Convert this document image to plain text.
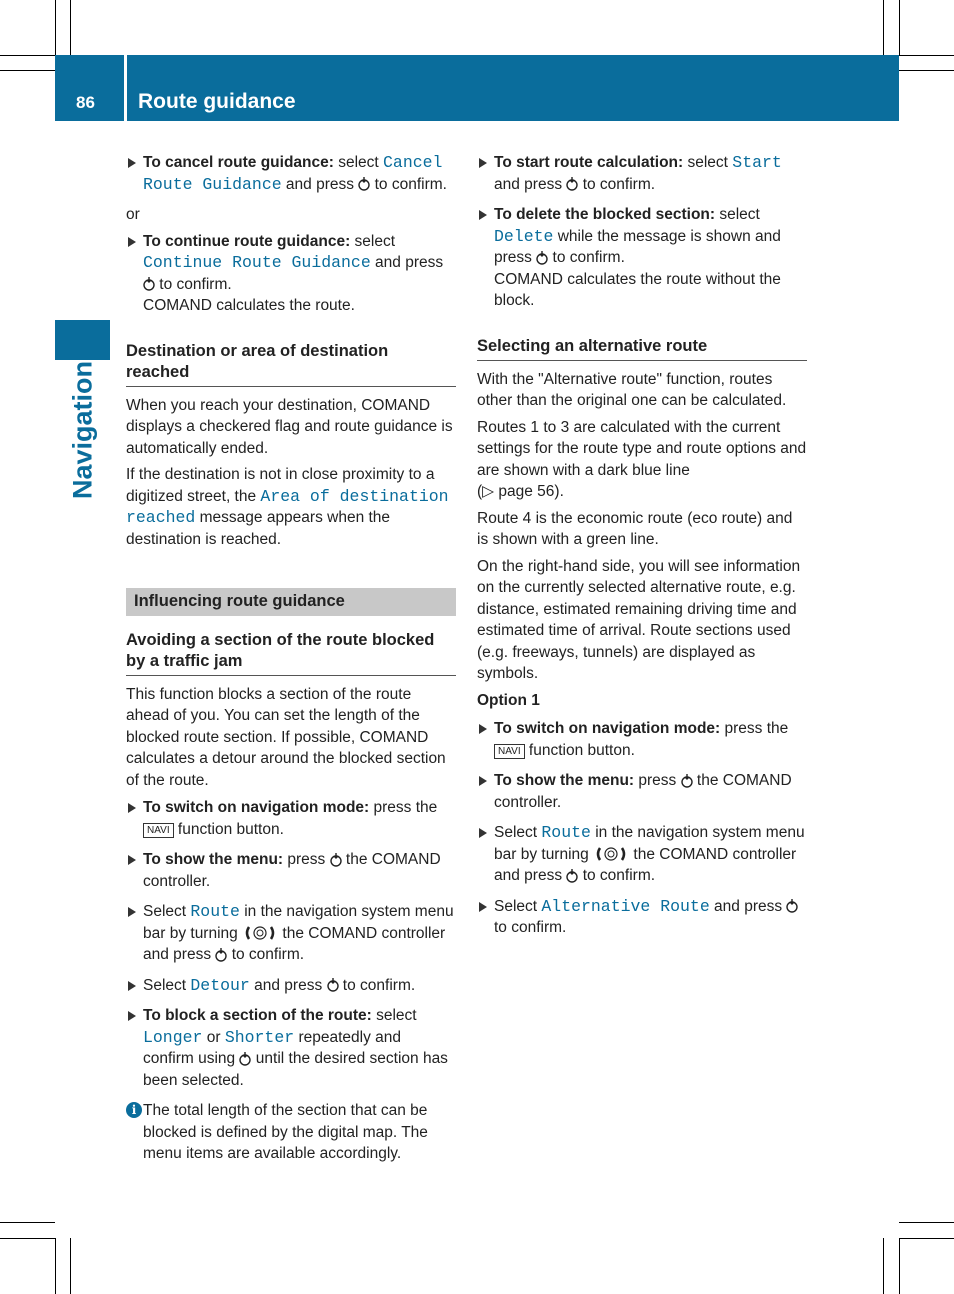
86 Route guidance
Navigation
To cancel route guidance: select Cancel Route Guidance and press  to confirm.

or

To continue route guidance: select Continue Route Guidance and press  to confirm.
COMAND calculates the route.
Destination or area of destination reached

When you reach your destination, COMAND displays a checkered flag and route guidance is automatically ended.

If the destination is not in close proximity to a digitized street, the Area of destination reached message appears when the destination is reached.

Influencing route guidance
Avoiding a section of the route blocked by a traffic jam

This function blocks a section of the route ahead of you. You can set the length of the blocked route section. If possible, COMAND calculates a detour around the blocked section of the route.

To switch on navigation mode: press the NAVI function button.
To show the menu: press  the COMAND controller.
Select Route in the navigation system menu bar by turning  the COMAND controller and press  to confirm.
Select Detour and press  to confirm.
To block a section of the route: select Longer or Shorter repeatedly and confirm using  until the desired section has been selected.
i The total length of the section that can be blocked is defined by the digital map. The menu items are available accordingly.
To start route calculation: select Start and press  to confirm.
To delete the blocked section: select Delete while the message is shown and press  to confirm.
COMAND calculates the route without the block.
Selecting an alternative route

With the "Alternative route" function, routes other than the original one can be calculated.

Routes 1 to 3 are calculated with the current settings for the route type and route options and are shown with a dark blue line
(▷ page 56).

Route 4 is the economic route (eco route) and is shown with a green line.

On the right-hand side, you will see information on the currently selected alternative route, e.g. distance, estimated remaining driving time and estimated time of arrival. Route sections used (e.g. freeways, tunnels) are displayed as symbols.

Option 1

To switch on navigation mode: press the NAVI function button.
To show the menu: press  the COMAND controller.
Select Route in the navigation system menu bar by turning  the COMAND controller and press  to confirm.
Select Alternative Route and press  to confirm.
